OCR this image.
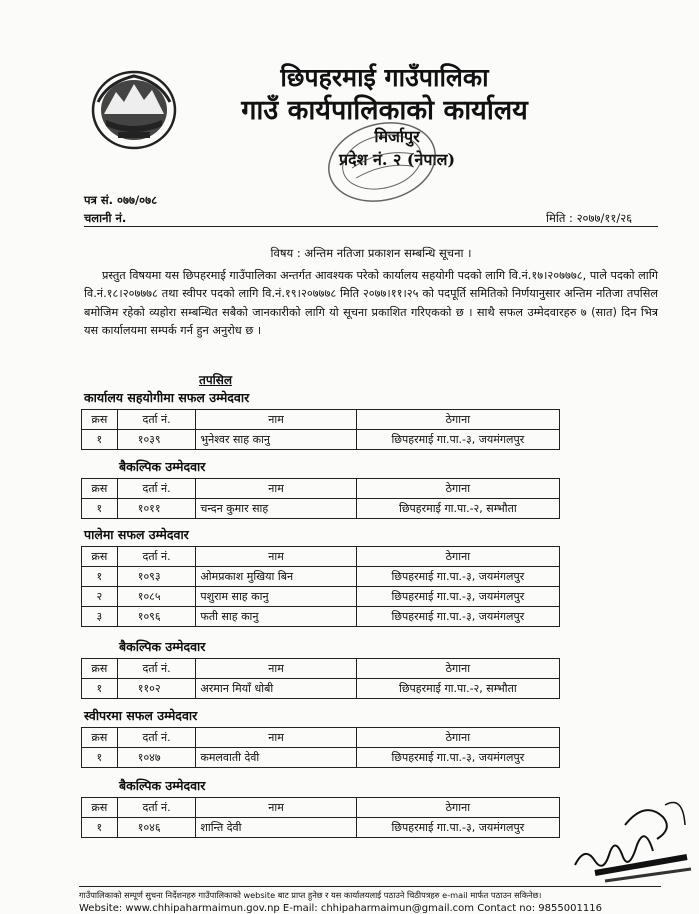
छिपहरमाई गाउँपालिका
गाउँ कार्यपालिकाको कार्यालय
मिर्जापुर
प्रदेश नं. २ (नेपाल)
पत्र सं. ०७७/०७८
चलानी नं.	मिति : २०७७/११/२६
विषय : अन्तिम नतिजा प्रकाशन सम्बन्धि सूचना ।
प्रस्तुत विषयमा यस छिपहरमाई गाउँपालिका अन्तर्गत आवश्यक परेको कार्यालय सहयोगी पदको लागि वि.नं.१७।२०७७७८, पाले पदको लागि वि.नं.१८।२०७७७८ तथा स्वीपर पदको लागि वि.नं.१९।२०७७७८ मिति २०७७।११।२५ को पदपूर्ति समितिको निर्णयानुसार अन्तिम नतिजा तपसिल बमोजिम रहेको व्यहोरा सम्बन्धित सबैको जानकारीको लागि यो सूचना प्रकाशित गरिएकको छ । साथै सफल उम्मेदवारहरु ७ (सात) दिन भित्र यस कार्यालयमा सम्पर्क गर्न हुन अनुरोध छ ।
तपसिल
कार्यालय सहयोगीमा सफल उम्मेदवार
क्रस	दर्ता नं.	नाम	ठेगाना
१	१०३९	भुनेश्वर साह कानु	छिपहरमाई गा.पा.-३, जयमंगलपुर
बैकल्पिक उम्मेदवार
क्रस	दर्ता नं.	नाम	ठेगाना
१	१०११	चन्दन कुमार साह	छिपहरमाई गा.पा.-२, सम्भौता
पालेमा सफल उम्मेदवार
क्रस	दर्ता नं.	नाम	ठेगाना
१	१०९३	ओमप्रकाश मुखिया बिन	छिपहरमाई गा.पा.-३, जयमंगलपुर
२	१०८५	पशुराम साह कानु	छिपहरमाई गा.पा.-३, जयमंगलपुर
३	१०९६	फती साह कानु	छिपहरमाई गा.पा.-३, जयमंगलपुर
बैकल्पिक उम्मेदवार
क्रस	दर्ता नं.	नाम	ठेगाना
१	११०२	अरमान मियाँ धोबी	छिपहरमाई गा.पा.-२, सम्भौता
स्वीपरमा सफल उम्मेदवार
क्रस	दर्ता नं.	नाम	ठेगाना
१	१०४७	कमलवाती देवी	छिपहरमाई गा.पा.-३, जयमंगलपुर
बैकल्पिक उम्मेदवार
क्रस	दर्ता नं.	नाम	ठेगाना
१	१०४६	शान्ति देवी	छिपहरमाई गा.पा.-३, जयमंगलपुर
गाउँपालिकाको सम्पूर्ण सुचना निर्देशनहरु गाउँपालिकाको website बाट प्राप्त हुनेछ र यस कार्यालयलाई पठाउने चिठीपत्रहरु e-mail मार्फत पठाउन सकिनेछ।
Website: www.chhipaharmaimun.gov.np E-mail: chhipaharmaimun@gmail.com Contact no: 9855001116
